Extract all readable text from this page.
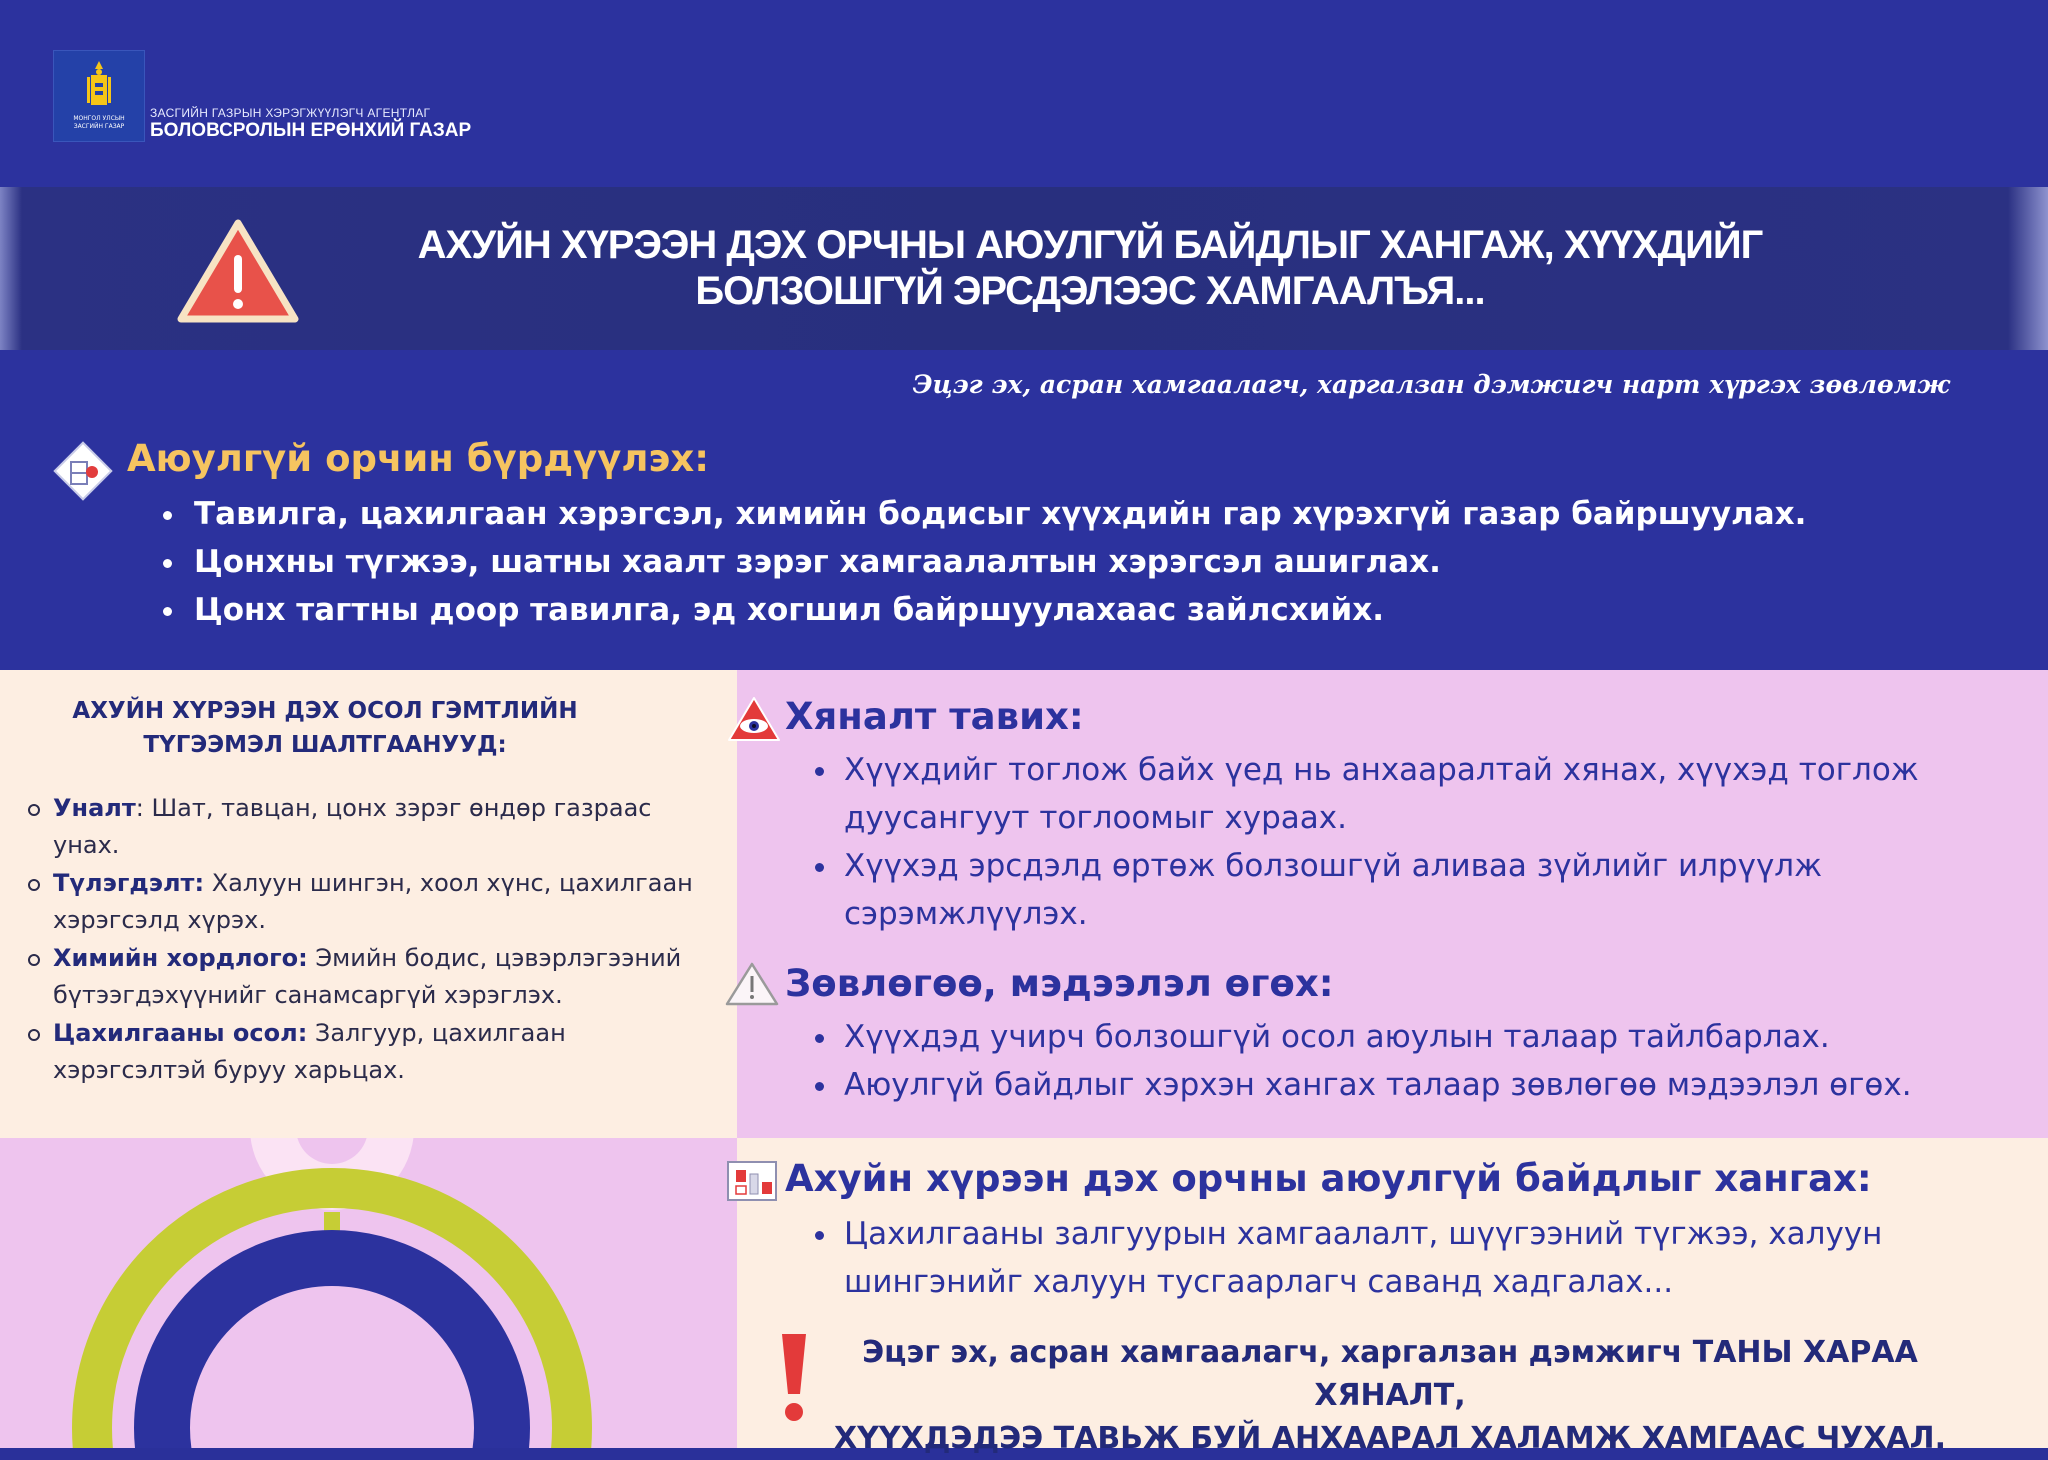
МОНГОЛ УЛСЫН
ЗАСГИЙН ГАЗАР
ЗАСГИЙН ГАЗРЫН ХЭРЭГЖҮҮЛЭГЧ АГЕНТЛАГ
БОЛОВСРОЛЫН ЕРӨНХИЙ ГАЗАР
АХУЙН ХҮРЭЭН ДЭХ ОРЧНЫ АЮУЛГҮЙ БАЙДЛЫГ ХАНГАЖ, ХҮҮХДИЙГ
БОЛЗОШГҮЙ ЭРСДЭЛЭЭС ХАМГААЛЪЯ...
Эцэг эх, асран хамгаалагч, харгалзан дэмжигч нарт хүргэх зөвлөмж
Аюулгүй орчин бүрдүүлэх:
• Тавилга, цахилгаан хэрэгсэл, химийн бодисыг хүүхдийн гар хүрэхгүй газар байршуулах.
• Цонхны түгжээ, шатны хаалт зэрэг хамгаалалтын хэрэгсэл ашиглах.
• Цонх тагтны доор тавилга, эд хогшил байршуулахаас зайлсхийх.
АХУЙН ХҮРЭЭН ДЭХ ОСОЛ ГЭМТЛИЙН
ТҮГЭЭМЭЛ ШАЛТГААНУУД:
Уналт: Шат, тавцан, цонх зэрэг өндөр газраас унах.
Түлэгдэлт: Халуун шингэн, хоол хүнс, цахилгаан хэрэгсэлд хүрэх.
Химийн хордлого: Эмийн бодис, цэвэрлэгээний бүтээгдэхүүнийг санамсаргүй хэрэглэх.
Цахилгааны осол: Залгуур, цахилгаан хэрэгсэлтэй буруу харьцах.
Хяналт тавих:
• Хүүхдийг тоглож байх үед нь анхааралтай хянах, хүүхэд тоглож дуусангуут тоглоомыг хураах.
• Хүүхэд эрсдэлд өртөж болзошгүй аливаа зүйлийг илрүүлж сэрэмжлүүлэх.
Зөвлөгөө, мэдээлэл өгөх:
• Хүүхдэд учирч болзошгүй осол аюулын талаар тайлбарлах.
• Аюулгүй байдлыг хэрхэн хангах талаар зөвлөгөө мэдээлэл өгөх.
Ахуйн хүрээн дэх орчны аюулгүй байдлыг хангах:
• Цахилгааны залгуурын хамгаалалт, шүүгээний түгжээ, халуун шингэнийг халуун тусгаарлагч саванд хадгалах...
Эцэг эх, асран хамгаалагч, харгалзан дэмжигч ТАНЫ ХАРАА ХЯНАЛТ,
ХҮҮХДЭДЭЭ ТАВЬЖ БУЙ АНХААРАЛ ХАЛАМЖ ХАМГААС ЧУХАЛ.
